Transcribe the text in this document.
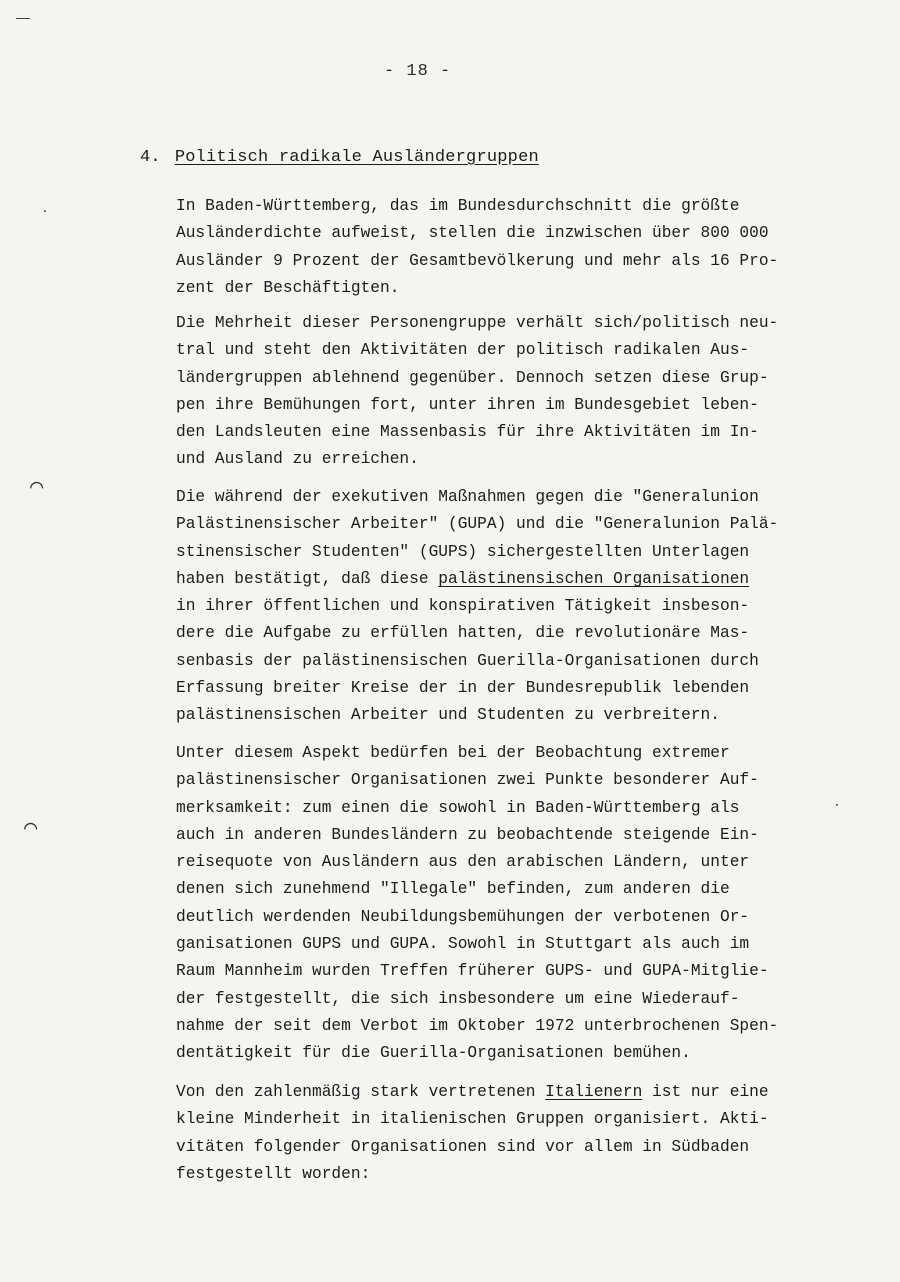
⌒
⌒
- 18 -
4. Politisch radikale Ausländergruppen
In Baden-Württemberg, das im Bundesdurchschnitt die größte
Ausländerdichte aufweist, stellen die inzwischen über 800 000
Ausländer 9 Prozent der Gesamtbevölkerung und mehr als 16 Pro-
zent der Beschäftigten.
Die Mehrheit dieser Personengruppe verhält sich/politisch neu-
tral und steht den Aktivitäten der politisch radikalen Aus-
ländergruppen ablehnend gegenüber. Dennoch setzen diese Grup-
pen ihre Bemühungen fort, unter ihren im Bundesgebiet leben-
den Landsleuten eine Massenbasis für ihre Aktivitäten im In-
und Ausland zu erreichen.
Die während der exekutiven Maßnahmen gegen die "Generalunion
Palästinensischer Arbeiter" (GUPA) und die "Generalunion Palä-
stinensischer Studenten" (GUPS) sichergestellten Unterlagen
haben bestätigt, daß diese palästinensischen Organisationen
in ihrer öffentlichen und konspirativen Tätigkeit insbeson-
dere die Aufgabe zu erfüllen hatten, die revolutionäre Mas-
senbasis der palästinensischen Guerilla-Organisationen durch
Erfassung breiter Kreise der in der Bundesrepublik lebenden
palästinensischen Arbeiter und Studenten zu verbreitern.
Unter diesem Aspekt bedürfen bei der Beobachtung extremer
palästinensischer Organisationen zwei Punkte besonderer Auf-
merksamkeit: zum einen die sowohl in Baden-Württemberg als
auch in anderen Bundesländern zu beobachtende steigende Ein-
reisequote von Ausländern aus den arabischen Ländern, unter
denen sich zunehmend "Illegale" befinden, zum anderen die
deutlich werdenden Neubildungsbemühungen der verbotenen Or-
ganisationen GUPS und GUPA. Sowohl in Stuttgart als auch im
Raum Mannheim wurden Treffen früherer GUPS- und GUPA-Mitglie-
der festgestellt, die sich insbesondere um eine Wiederauf-
nahme der seit dem Verbot im Oktober 1972 unterbrochenen Spen-
dentätigkeit für die Guerilla-Organisationen bemühen.
Von den zahlenmäßig stark vertretenen Italienern ist nur eine
kleine Minderheit in italienischen Gruppen organisiert. Akti-
vitäten folgender Organisationen sind vor allem in Südbaden
festgestellt worden:
